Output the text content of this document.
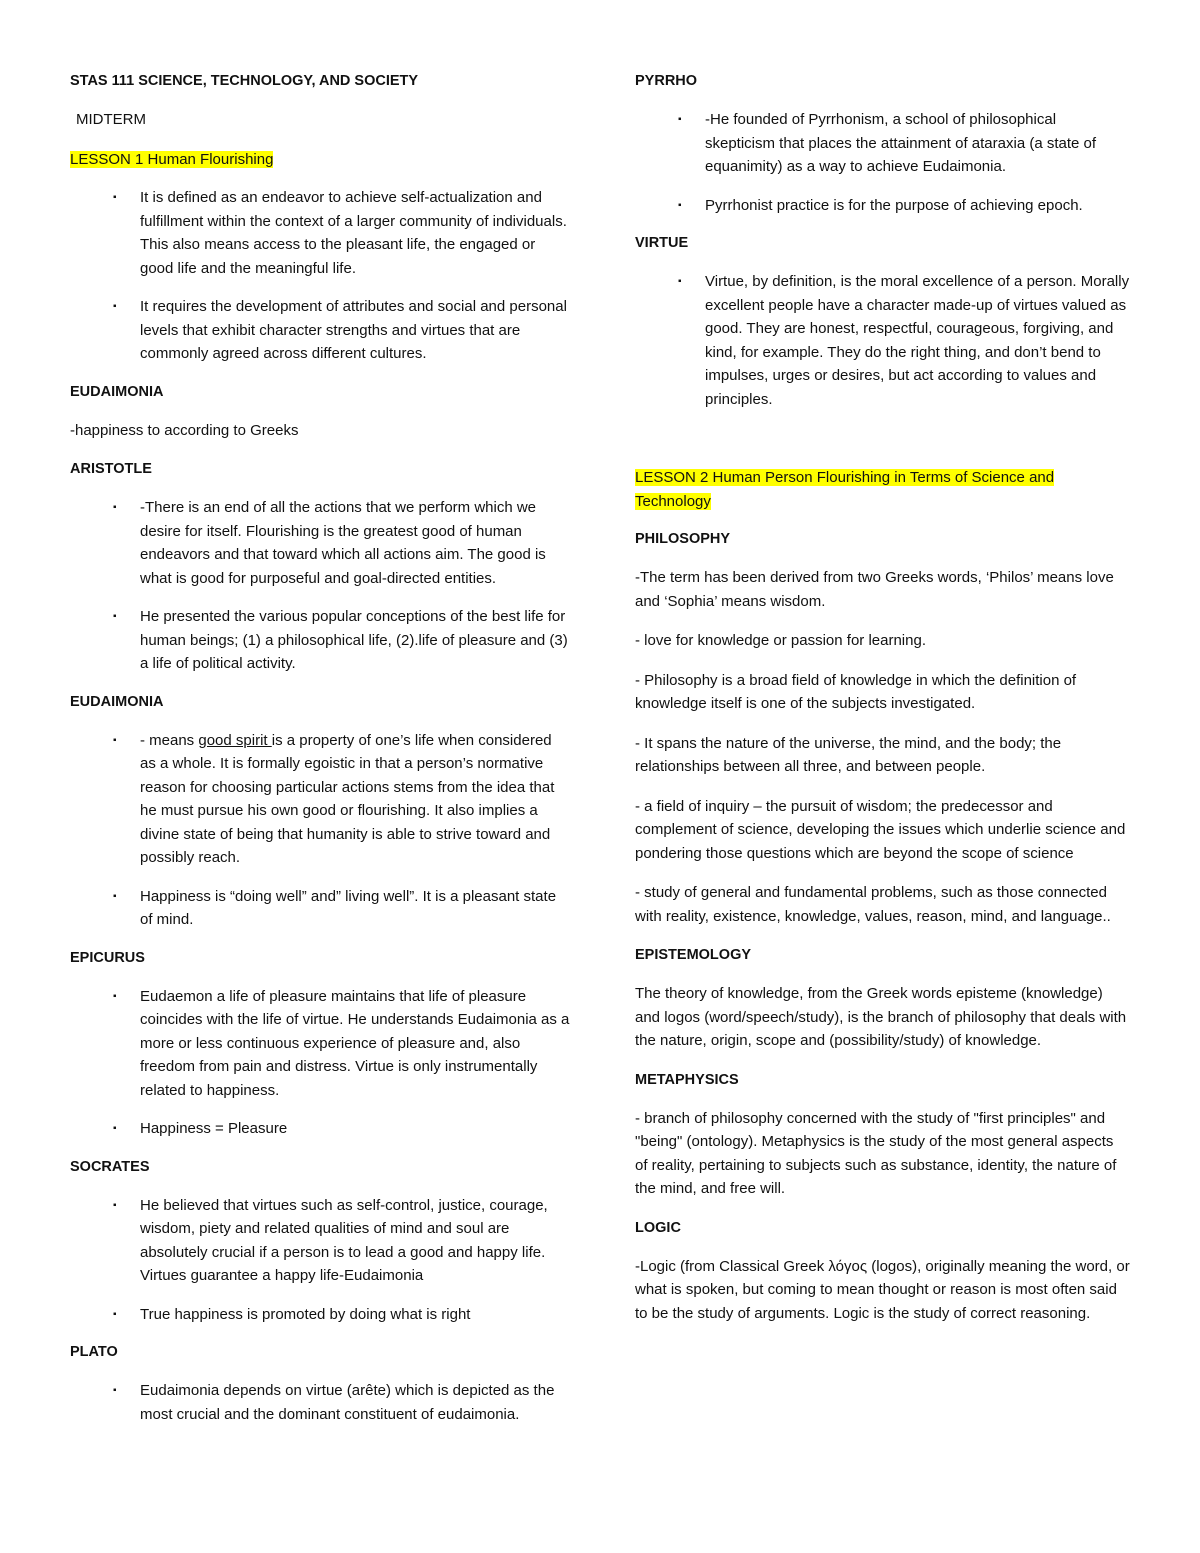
STAS 111 SCIENCE, TECHNOLOGY, AND SOCIETY
MIDTERM
LESSON 1 Human Flourishing
▪ It is defined as an endeavor to achieve self-actualization and fulfillment within the context of a larger community of individuals. This also means access to the pleasant life, the engaged or good life and the meaningful life.
▪ It requires the development of attributes and social and personal levels that exhibit character strengths and virtues that are commonly agreed across different cultures.
EUDAIMONIA
-happiness to according to Greeks
ARISTOTLE
▪ -There is an end of all the actions that we perform which we desire for itself. Flourishing is the greatest good of human endeavors and that toward which all actions aim. The good is what is good for purposeful and goal-directed entities.
▪ He presented the various popular conceptions of the best life for human beings; (1) a philosophical life, (2).life of pleasure and (3) a life of political activity.
EUDAIMONIA
▪ - means good spirit is a property of one’s life when considered as a whole. It is formally egoistic in that a person’s normative reason for choosing particular actions stems from the idea that he must pursue his own good or flourishing. It also implies a divine state of being that humanity is able to strive toward and possibly reach.
▪ Happiness is “doing well” and” living well”. It is a pleasant state of mind.
EPICURUS
▪ Eudaemon a life of pleasure maintains that life of pleasure coincides with the life of virtue. He understands Eudaimonia as a more or less continuous experience of pleasure and, also freedom from pain and distress. Virtue is only instrumentally related to happiness.
▪ Happiness = Pleasure
SOCRATES
▪ He believed that virtues such as self-control, justice, courage, wisdom, piety and related qualities of mind and soul are absolutely crucial if a person is to lead a good and happy life. Virtues guarantee a happy life-Eudaimonia
▪ True happiness is promoted by doing what is right
PLATO
▪ Eudaimonia depends on virtue (arête) which is depicted as the most crucial and the dominant constituent of eudaimonia.
PYRRHO
▪ -He founded of Pyrrhonism, a school of philosophical skepticism that places the attainment of ataraxia (a state of equanimity) as a way to achieve Eudaimonia.
▪ Pyrrhonist practice is for the purpose of achieving epoch.
VIRTUE
▪ Virtue, by definition, is the moral excellence of a person. Morally excellent people have a character made-up of virtues valued as good. They are honest, respectful, courageous, forgiving, and kind, for example. They do the right thing, and don’t bend to impulses, urges or desires, but act according to values and principles.
LESSON 2 Human Person Flourishing in Terms of Science and Technology
PHILOSOPHY
-The term has been derived from two Greeks words, ‘Philos’ means love and ‘Sophia’ means wisdom.
- love for knowledge or passion for learning.
- Philosophy is a broad field of knowledge in which the definition of knowledge itself is one of the subjects investigated.
- It spans the nature of the universe, the mind, and the body; the relationships between all three, and between people.
- a field of inquiry – the pursuit of wisdom; the predecessor and complement of science, developing the issues which underlie science and pondering those questions which are beyond the scope of science
- study of general and fundamental problems, such as those connected with reality, existence, knowledge, values, reason, mind, and language..
EPISTEMOLOGY
The theory of knowledge, from the Greek words episteme (knowledge) and logos (word/speech/study), is the branch of philosophy that deals with the nature, origin, scope and (possibility/study) of knowledge.
METAPHYSICS
- branch of philosophy concerned with the study of "first principles" and "being" (ontology). Metaphysics is the study of the most general aspects of reality, pertaining to subjects such as substance, identity, the nature of the mind, and free will.
LOGIC
-Logic (from Classical Greek λόγος (logos), originally meaning the word, or what is spoken, but coming to mean thought or reason is most often said to be the study of arguments. Logic is the study of correct reasoning.
